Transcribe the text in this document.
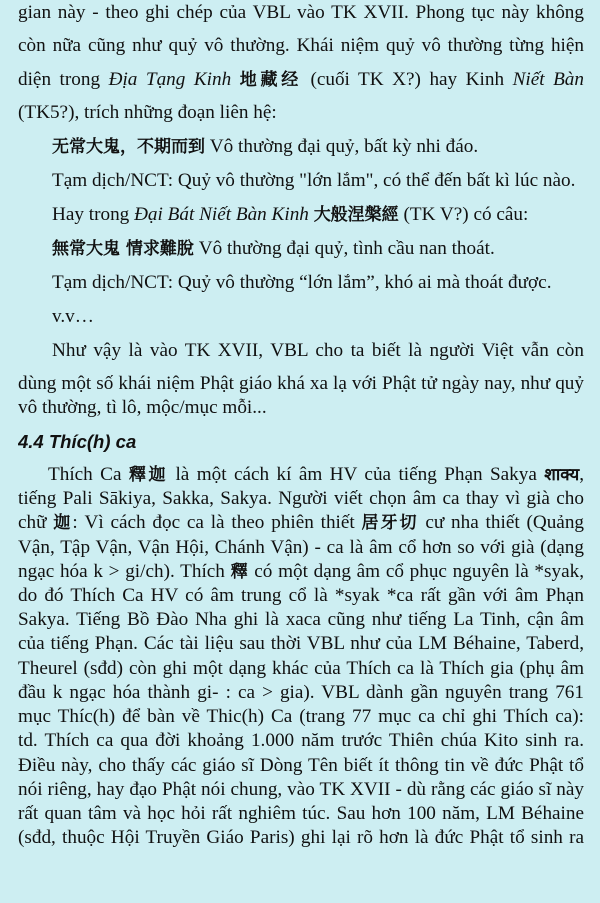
gian này - theo ghi chép của VBL vào TK XVII. Phong tục này không
còn nữa cũng như quỷ vô thường. Khái niệm quỷ vô thường từng hiện
diện trong Địa Tạng Kinh 地藏经 (cuối TK X?) hay Kinh Niết Bàn
(TK5?), trích những đoạn liên hệ:
无常大鬼，不期而到 Vô thường đại quỷ, bất kỳ nhi đáo.
Tạm dịch/NCT: Quỷ vô thường "lớn lắm", có thể đến bất kì lúc nào.
Hay trong Đại Bát Niết Bàn Kinh 大般涅槃經 (TK V?) có câu:
無常大鬼 情求難脫 Vô thường đại quỷ, tình cầu nan thoát.
Tạm dịch/NCT: Quỷ vô thường “lớn lắm”, khó ai mà thoát được.
v.v…
Như vậy là vào TK XVII, VBL cho ta biết là người Việt vẫn còn
dùng một số khái niệm Phật giáo khá xa lạ với Phật tử ngày nay, như quỷ
vô thường, tì lô, mộc/mục mỗi...
4.4 Thíc(h) ca
Thích Ca 釋迦 là một cách kí âm HV của tiếng Phạn Sakya शाक्य,
tiếng Pali Sākiya, Sakka, Sakya. Người viết chọn âm ca thay vì già cho
chữ 迦: Vì cách đọc ca là theo phiên thiết 居牙切 cư nha thiết (Quảng
Vận, Tập Vận, Vận Hội, Chánh Vận) - ca là âm cổ hơn so với già (dạng
ngạc hóa k > gi/ch). Thích 釋 có một dạng âm cổ phục nguyên là *syak,
do đó Thích Ca HV có âm trung cổ là *syak *ca rất gần với âm Phạn
Sakya. Tiếng Bồ Đào Nha ghi là xaca cũng như tiếng La Tinh, cận âm
của tiếng Phạn. Các tài liệu sau thời VBL như của LM Béhaine, Taberd,
Theurel (sđd) còn ghi một dạng khác của Thích ca là Thích gia (phụ âm
đầu k ngạc hóa thành gi- : ca > gia). VBL dành gần nguyên trang 761
mục Thíc(h) để bàn về Thic(h) Ca (trang 77 mục ca chỉ ghi Thích ca):
td. Thích ca qua đời khoảng 1.000 năm trước Thiên chúa Kito sinh ra.
Điều này, cho thấy các giáo sĩ Dòng Tên biết ít thông tin về đức Phật tổ
nói riêng, hay đạo Phật nói chung, vào TK XVII - dù rằng các giáo sĩ này
rất quan tâm và học hỏi rất nghiêm túc. Sau hơn 100 năm, LM Béhaine
(sđd, thuộc Hội Truyền Giáo Paris) ghi lại rõ hơn là đức Phật tổ sinh ra
